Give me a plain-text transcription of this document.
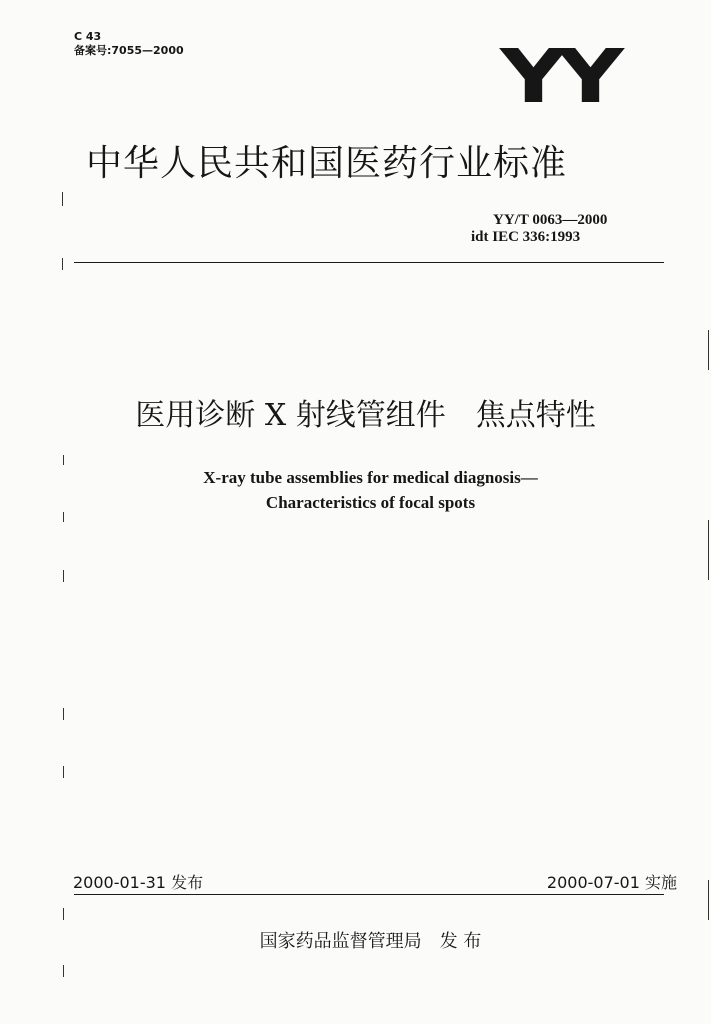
C 43
备案号:7055—2000	YY
中华人民共和国医药行业标准
YY/T 0063—2000
idt IEC 336:1993
医用诊断 X 射线管组件　焦点特性
X-ray tube assemblies for medical diagnosis—
Characteristics of focal spots
2000-01-31 发布	2000-07-01 实施
国家药品监督管理局　发 布
